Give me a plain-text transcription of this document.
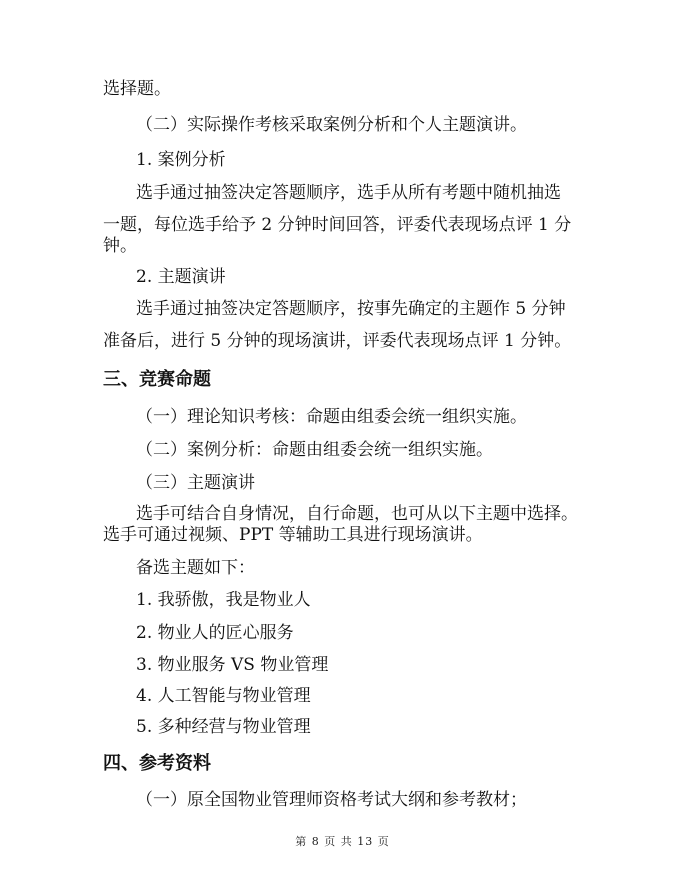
选择题。
（二）实际操作考核采取案例分析和个人主题演讲。
1. 案例分析
选手通过抽签决定答题顺序，选手从所有考题中随机抽选
一题，每位选手给予 2 分钟时间回答，评委代表现场点评 1 分
钟。
2. 主题演讲
选手通过抽签决定答题顺序，按事先确定的主题作 5 分钟
准备后，进行 5 分钟的现场演讲，评委代表现场点评 1 分钟。
三、竞赛命题
（一）理论知识考核：命题由组委会统一组织实施。
（二）案例分析：命题由组委会统一组织实施。
（三）主题演讲
选手可结合自身情况，自行命题，也可从以下主题中选择。
选手可通过视频、PPT 等辅助工具进行现场演讲。
备选主题如下：
1. 我骄傲，我是物业人
2. 物业人的匠心服务
3. 物业服务 VS 物业管理
4. 人工智能与物业管理
5. 多种经营与物业管理
四、参考资料
（一）原全国物业管理师资格考试大纲和参考教材；
第 8 页 共 13 页
